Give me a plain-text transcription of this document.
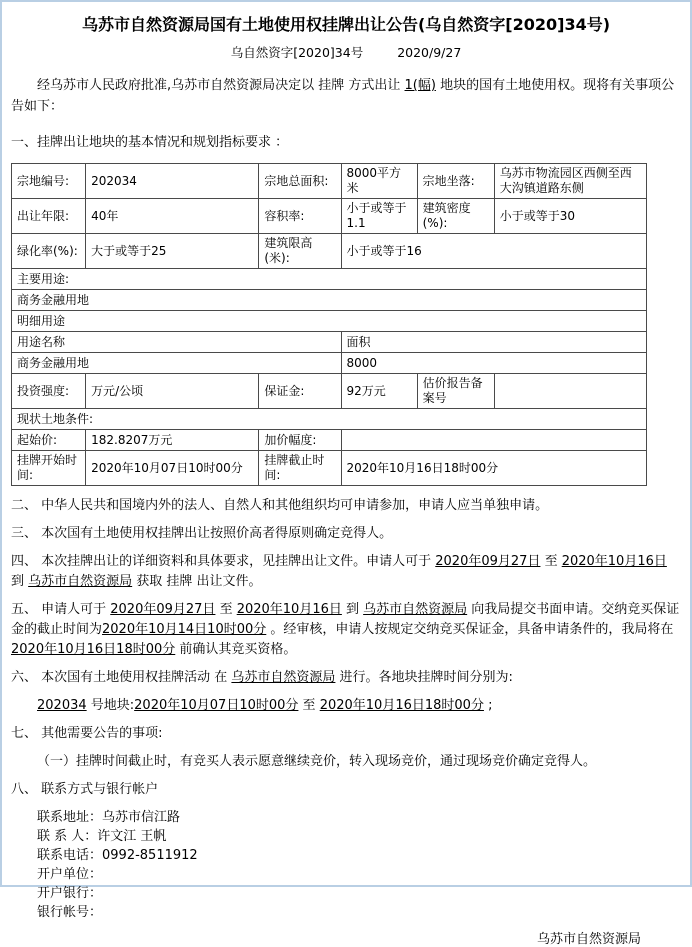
乌苏市自然资源局国有土地使用权挂牌出让公告(乌自然资字[2020]34号)
乌自然资字[2020]34号	2020/9/27

经乌苏市人民政府批准,乌苏市自然资源局决定以 挂牌 方式出让 1(幅) 地块的国有土地使用权。现将有关事项公告如下：

一、挂牌出让地块的基本情况和规划指标要求 ：

宗地编号:	202034	宗地总面积:	8000平方米	宗地坐落:	乌苏市物流园区西侧至西大沟镇道路东侧
出让年限:	40年	容积率:	小于或等于1.1	建筑密度(%):	小于或等于30
绿化率(%):	大于或等于25	建筑限高(米):	小于或等于16		
主要用途:					
商务金融用地					
明细用途					
用途名称			面积		
商务金融用地			8000		
投资强度:	万元/公顷	保证金:	92万元	估价报告备案号	
现状土地条件:					
起始价:	182.8207万元	加价幅度:			
挂牌开始时间:	2020年10月07日10时00分	挂牌截止时间:	2020年10月16日18时00分		

二、 中华人民共和国境内外的法人、自然人和其他组织均可申请参加，申请人应当单独申请。

三、 本次国有土地使用权挂牌出让按照价高者得原则确定竞得人。

四、 本次挂牌出让的详细资料和具体要求，见挂牌出让文件。申请人可于 2020年09月27日 至 2020年10月16日 到 乌苏市自然资源局 获取 挂牌 出让文件。

五、 申请人可于 2020年09月27日 至 2020年10月16日 到 乌苏市自然资源局 向我局提交书面申请。交纳竞买保证金的截止时间为2020年10月14日10时00分 。经审核，申请人按规定交纳竞买保证金，具备申请条件的，我局将在 2020年10月16日18时00分 前确认其竞买资格。

六、 本次国有土地使用权挂牌活动 在 乌苏市自然资源局 进行。各地块挂牌时间分别为:

202034 号地块:2020年10月07日10时00分 至 2020年10月16日18时00分 ;

七、 其他需要公告的事项:

（一）挂牌时间截止时，有竞买人表示愿意继续竞价，转入现场竞价，通过现场竞价确定竞得人。

八、 联系方式与银行帐户

联系地址：乌苏市信江路

联 系 人：许文江 王帆

联系电话：0992-8511912

开户单位：

开户银行：

银行帐号：

乌苏市自然资源局
